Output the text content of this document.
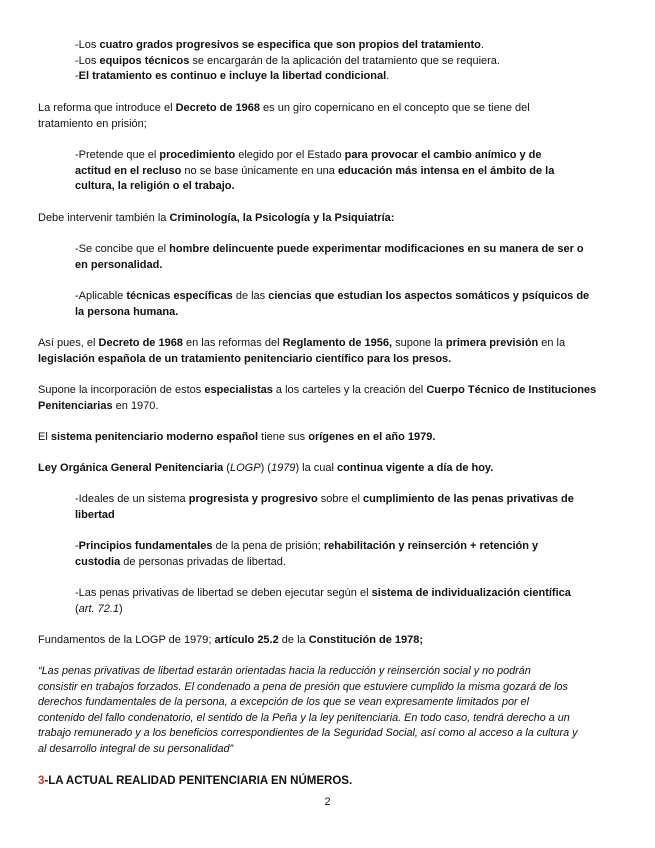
-Los cuatro grados progresivos se especifica que son propios del tratamiento.
-Los equipos técnicos se encargarán de la aplicación del tratamiento que se requiera.
-El tratamiento es continuo e incluye la libertad condicional.
La reforma que introduce el Decreto de 1968 es un giro copernicano en el concepto que se tiene del
tratamiento en prisión;
-Pretende que el procedimiento elegido por el Estado para provocar el cambio anímico y de
actitud en el recluso no se base únicamente en una educación más intensa en el ámbito de la
cultura, la religión o el trabajo.
Debe intervenir también la Criminología, la Psicología y la Psiquiatría:
-Se concibe que el hombre delincuente puede experimentar modificaciones en su manera de ser o
en personalidad.
-Aplicable técnicas específicas de las ciencias que estudian los aspectos somáticos y psíquicos de
la persona humana.
Así pues, el Decreto de 1968 en las reformas del Reglamento de 1956, supone la primera previsión en la
legislación española de un tratamiento penitenciario científico para los presos.
Supone la incorporación de estos especialistas a los carteles y la creación del Cuerpo Técnico de Instituciones
Penitenciarias en 1970.
El sistema penitenciario moderno español tiene sus orígenes en el año 1979.
Ley Orgánica General Penitenciaria (LOGP) (1979) la cual continua vigente a día de hoy.
-Ideales de un sistema progresista y progresivo sobre el cumplimiento de las penas privativas de
libertad
-Principios fundamentales de la pena de prisión; rehabilitación y reinserción + retención y
custodia de personas privadas de libertad.
-Las penas privativas de libertad se deben ejecutar según el sistema de individualización científica
(art. 72.1)
Fundamentos de la LOGP de 1979; artículo 25.2 de la Constitución de 1978;
“Las penas privativas de libertad estarán orientadas hacia la reducción y reinserción social y no podrán
consistir en trabajos forzados. El condenado a pena de presión que estuviere cumplido la misma gozará de los
derechos fundamentales de la persona, a excepción de los que se vean expresamente limitados por el
contenido del fallo condenatorio, el sentido de la Peña y la ley penitenciaria. En todo caso, tendrá derecho a un
trabajo remunerado y a los beneficios correspondientes de la Seguridad Social, así como al acceso a la cultura y
al desarrollo integral de su personalidad”
3-LA ACTUAL REALIDAD PENITENCIARIA EN NÚMEROS.
2
